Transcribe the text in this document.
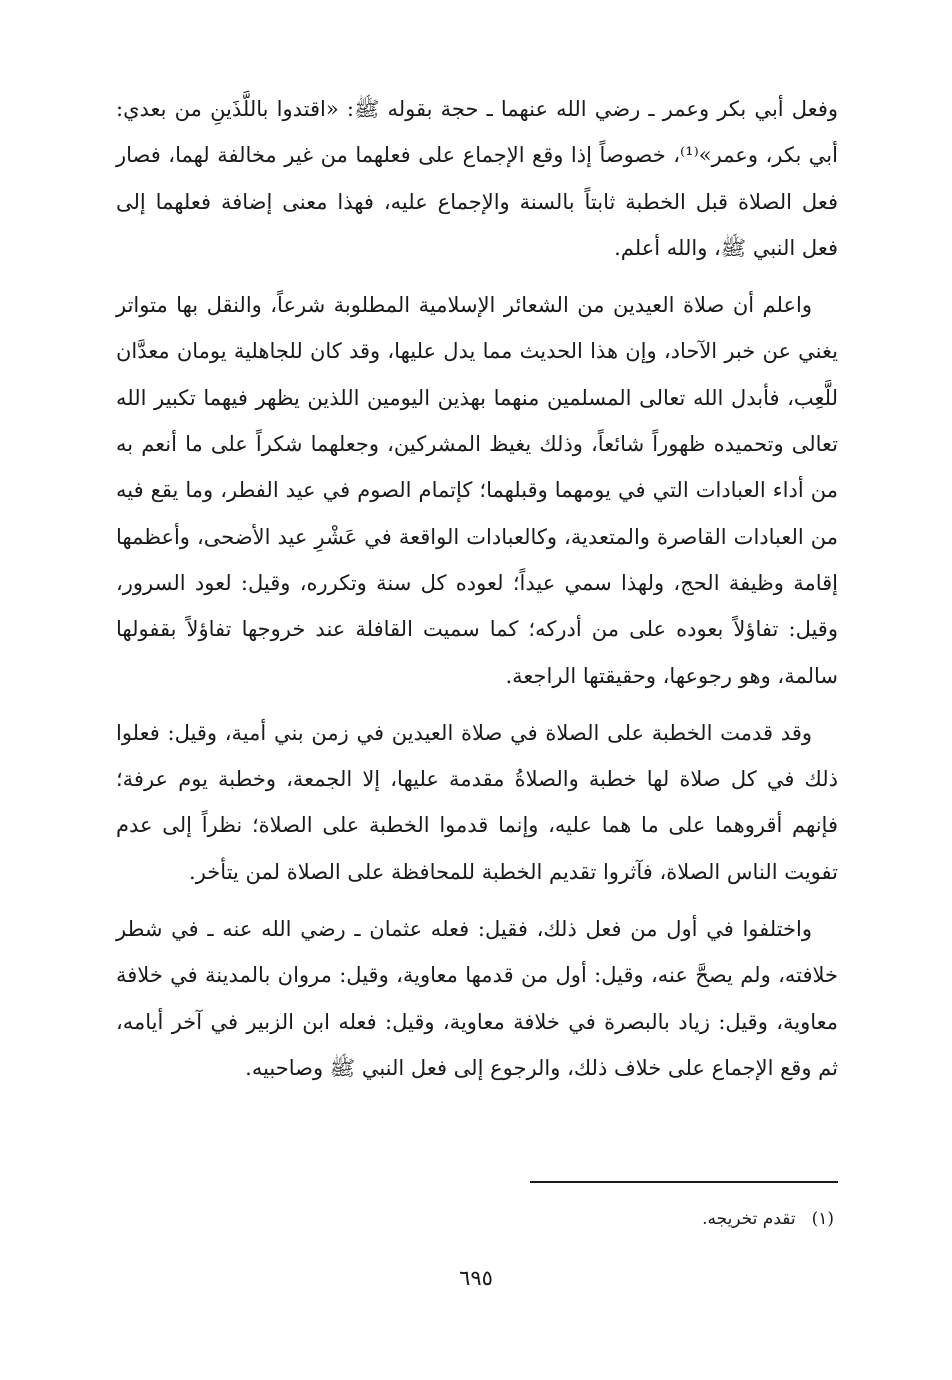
وفعل أبي بكر وعمر ـ رضي الله عنهما ـ حجة بقوله ﷺ: «اقتدوا باللَّذَينِ من بعدي: أبي بكر، وعمر»⁽¹⁾، خصوصاً إذا وقع الإجماع على فعلهما من غير مخالفة لهما، فصار فعل الصلاة قبل الخطبة ثابتاً بالسنة والإجماع عليه، فهذا معنى إضافة فعلهما إلى فعل النبي ﷺ، والله أعلم.

واعلم أن صلاة العيدين من الشعائر الإسلامية المطلوبة شرعاً، والنقل بها متواتر يغني عن خبر الآحاد، وإن هذا الحديث مما يدل عليها، وقد كان للجاهلية يومان معدَّان للَّعِب، فأبدل الله تعالى المسلمين منهما بهذين اليومين اللذين يظهر فيهما تكبير الله تعالى وتحميده ظهوراً شائعاً، وذلك يغيظ المشركين، وجعلهما شكراً على ما أنعم به من أداء العبادات التي في يومهما وقبلهما؛ كإتمام الصوم في عيد الفطر، وما يقع فيه من العبادات القاصرة والمتعدية، وكالعبادات الواقعة في عَشْرِ عيد الأضحى، وأعظمها إقامة وظيفة الحج، ولهذا سمي عيداً؛ لعوده كل سنة وتكرره، وقيل: لعود السرور، وقيل: تفاؤلاً بعوده على من أدركه؛ كما سميت القافلة عند خروجها تفاؤلاً بقفولها سالمة، وهو رجوعها، وحقيقتها الراجعة.

وقد قدمت الخطبة على الصلاة في صلاة العيدين في زمن بني أمية، وقيل: فعلوا ذلك في كل صلاة لها خطبة والصلاةُ مقدمة عليها، إلا الجمعة، وخطبة يوم عرفة؛ فإنهم أقروهما على ما هما عليه، وإنما قدموا الخطبة على الصلاة؛ نظراً إلى عدم تفويت الناس الصلاة، فآثروا تقديم الخطبة للمحافظة على الصلاة لمن يتأخر.

واختلفوا في أول من فعل ذلك، فقيل: فعله عثمان ـ رضي الله عنه ـ في شطر خلافته، ولم يصحَّ عنه، وقيل: أول من قدمها معاوية، وقيل: مروان بالمدينة في خلافة معاوية، وقيل: زياد بالبصرة في خلافة معاوية، وقيل: فعله ابن الزبير في آخر أيامه، ثم وقع الإجماع على خلاف ذلك، والرجوع إلى فعل النبي ﷺ وصاحبيه.

(١)تقدم تخريجه.
٦٩٥
